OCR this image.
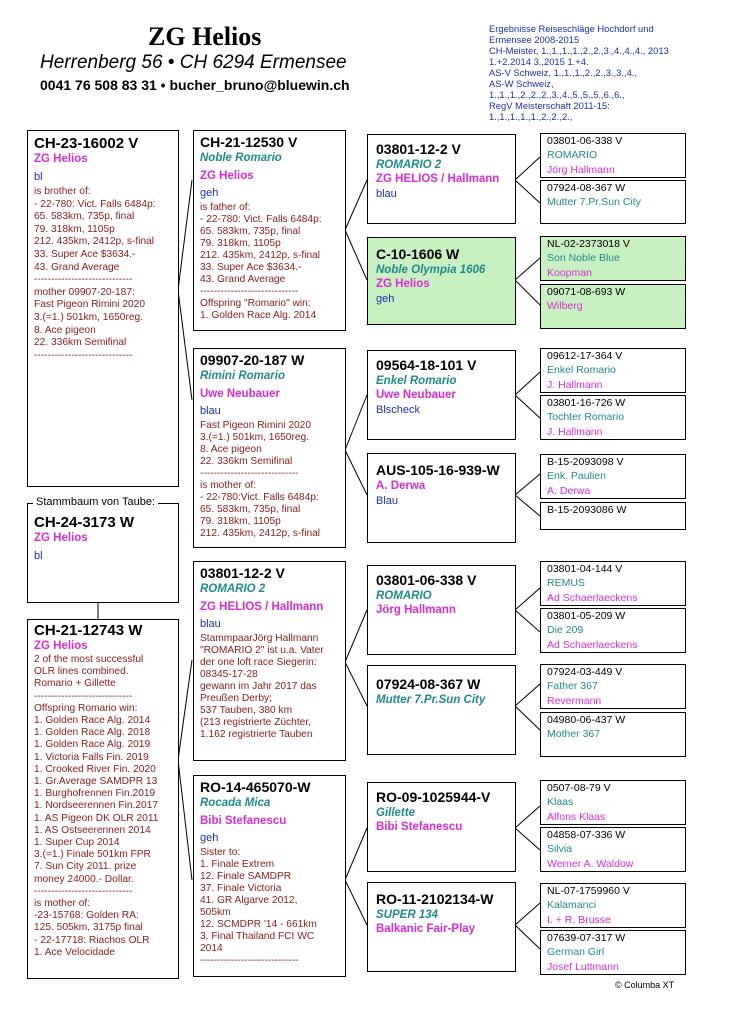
ZG Helios
Herrenberg 56 • CH 6294 Ermensee
0041 76 508 83 31 • bucher_bruno@bluewin.ch
Ergebnisse Reiseschläge Hochdorf und
Ermensee 2008-2015
CH-Meister, 1.,1.,1.,1.,2.,2.,3.,4.,4.,4., 2013
1.+2.2014 3.,2015 1.+4.
AS-V Schweiz, 1.,1.,1.,2.,2.,3.,3.,4.,
AS-W Schweiz,
1.,1.,1.,2.,2.,2.,3.,4.,5.,5.,5.,6.,6.,
RegV Meisterschaft 2011-15:
1.,1.,1.,1.,1.,2.,2.,2.,
CH-23-16002 V
ZG Helios
bl
is brother of:
- 22-780: Vict. Falls 6484p:
65. 583km, 735p, final
79. 318km, 1105p
212. 435km, 2412p, s-final
33. Super Ace $3634.-
43. Grand Average
-----------------------------
mother 09907-20-187:
Fast Pigeon Rimini 2020
3.(=1.) 501km, 1650reg.
8. Ace pigeon
22. 336km Semifinal
-----------------------------
Stammbaum von Taube:
CH-24-3173 W
ZG Helios
bl
CH-21-12743 W
ZG Helios
2 of the most successful
OLR lines combined.
Romario + Gillette
-----------------------------
Offspring Romario win:
1. Golden Race Alg. 2014
1. Golden Race Alg. 2018
1. Golden Race Alg. 2019
1. Victoria Falls Fin. 2019
1. Crooked River Fin. 2020
1. Gr.Average SAMDPR 13
1. Burghofrennen Fin.2019
1. Nordseerennen Fin.2017
1. AS Pigeon DK OLR 2011
1. AS Ostseerennen 2014
1. Super Cup 2014
3.(=1.) Finale 501km FPR
7. Sun City 2011. prize
money 24000.- Dollar.
-----------------------------
is mother of:
-23-15768: Golden RA:
125. 505km, 3175p final
- 22-17718: Riachos OLR
1. Ace Velocidade
CH-21-12530 V
Noble Romario
ZG Helios
geh
is father of:
- 22-780: Vict. Falls 6484p:
65. 583km, 735p, final
79. 318km, 1105p
212. 435km, 2412p, s-final
33. Super Ace $3634.-
43. Grand Average
-----------------------------
Offspring "Romario" win:
1. Golden Race Alg. 2014
09907-20-187 W
Rimini Romario
Uwe Neubauer
blau
Fast Pigeon Rimini 2020
3.(=1.) 501km, 1650reg.
8. Ace pigeon
22. 336km Semifinal
-----------------------------
is mother of:
- 22-780:Vict. Falls 6484p:
65. 583km, 735p, final
79. 318km, 1105p
212. 435km, 2412p, s-final
03801-12-2 V
ROMARIO 2
ZG HELIOS / Hallmann
blau
StammpaarJörg Hallmann
"ROMARIO 2" ist u.a. Vater
der one loft race Siegerin:
08345-17-28
gewann im Jahr 2017 das
Preußen Derby;
537 Tauben, 380 km
(213 registrierte Züchter,
1.162 registrierte Tauben
RO-14-465070-W
Rocada Mica
Bibi Stefanescu
geh
Sister to:
1. Finale Extrem
12. Finale SAMDPR
37. Finale Victoria
41. GR Algarve 2012,
505km
12. SCMDPR '14 - 661km
3. Final Thailand FCI WC
2014
-----------------------------
03801-12-2 V
ROMARIO 2
ZG HELIOS / Hallmann
blau
C-10-1606 W
Noble Olympia 1606
ZG Helios
geh
09564-18-101 V
Enkel Romario
Uwe Neubauer
Blscheck
AUS-105-16-939-W
A. Derwa
Blau
03801-06-338 V
ROMARIO
Jörg Hallmann
07924-08-367 W
Mutter 7.Pr.Sun City
RO-09-1025944-V
Gillette
Bibi Stefanescu
RO-11-2102134-W
SUPER 134
Balkanic Fair-Play
03801-06-338 V
ROMARIO
Jörg Hallmann
07924-08-367 W
Mutter 7.Pr.Sun City
NL-02-2373018 V
Son Noble Blue
Koopman
09071-08-693 W
Wilberg
09612-17-364 V
Enkel Romario
J. Hallmann
03801-16-726 W
Tochter Romario
J. Hallmann
B-15-2093098 V
Enk. Paulien
A. Derwa
B-15-2093086 W
03801-04-144 V
REMUS
Ad Schaerlaeckens
03801-05-209 W
Die 209
Ad Schaerlaeckens
07924-03-449 V
Father 367
Revermann
04980-06-437 W
Mother 367
0507-08-79 V
Klaas
Alfons Klaas
04858-07-336 W
Silvia
Werner A. Waldow
NL-07-1759960 V
Kalamanci
I. + R. Brusse
07639-07-317 W
German Girl
Josef Luttmann
© Columba XT
